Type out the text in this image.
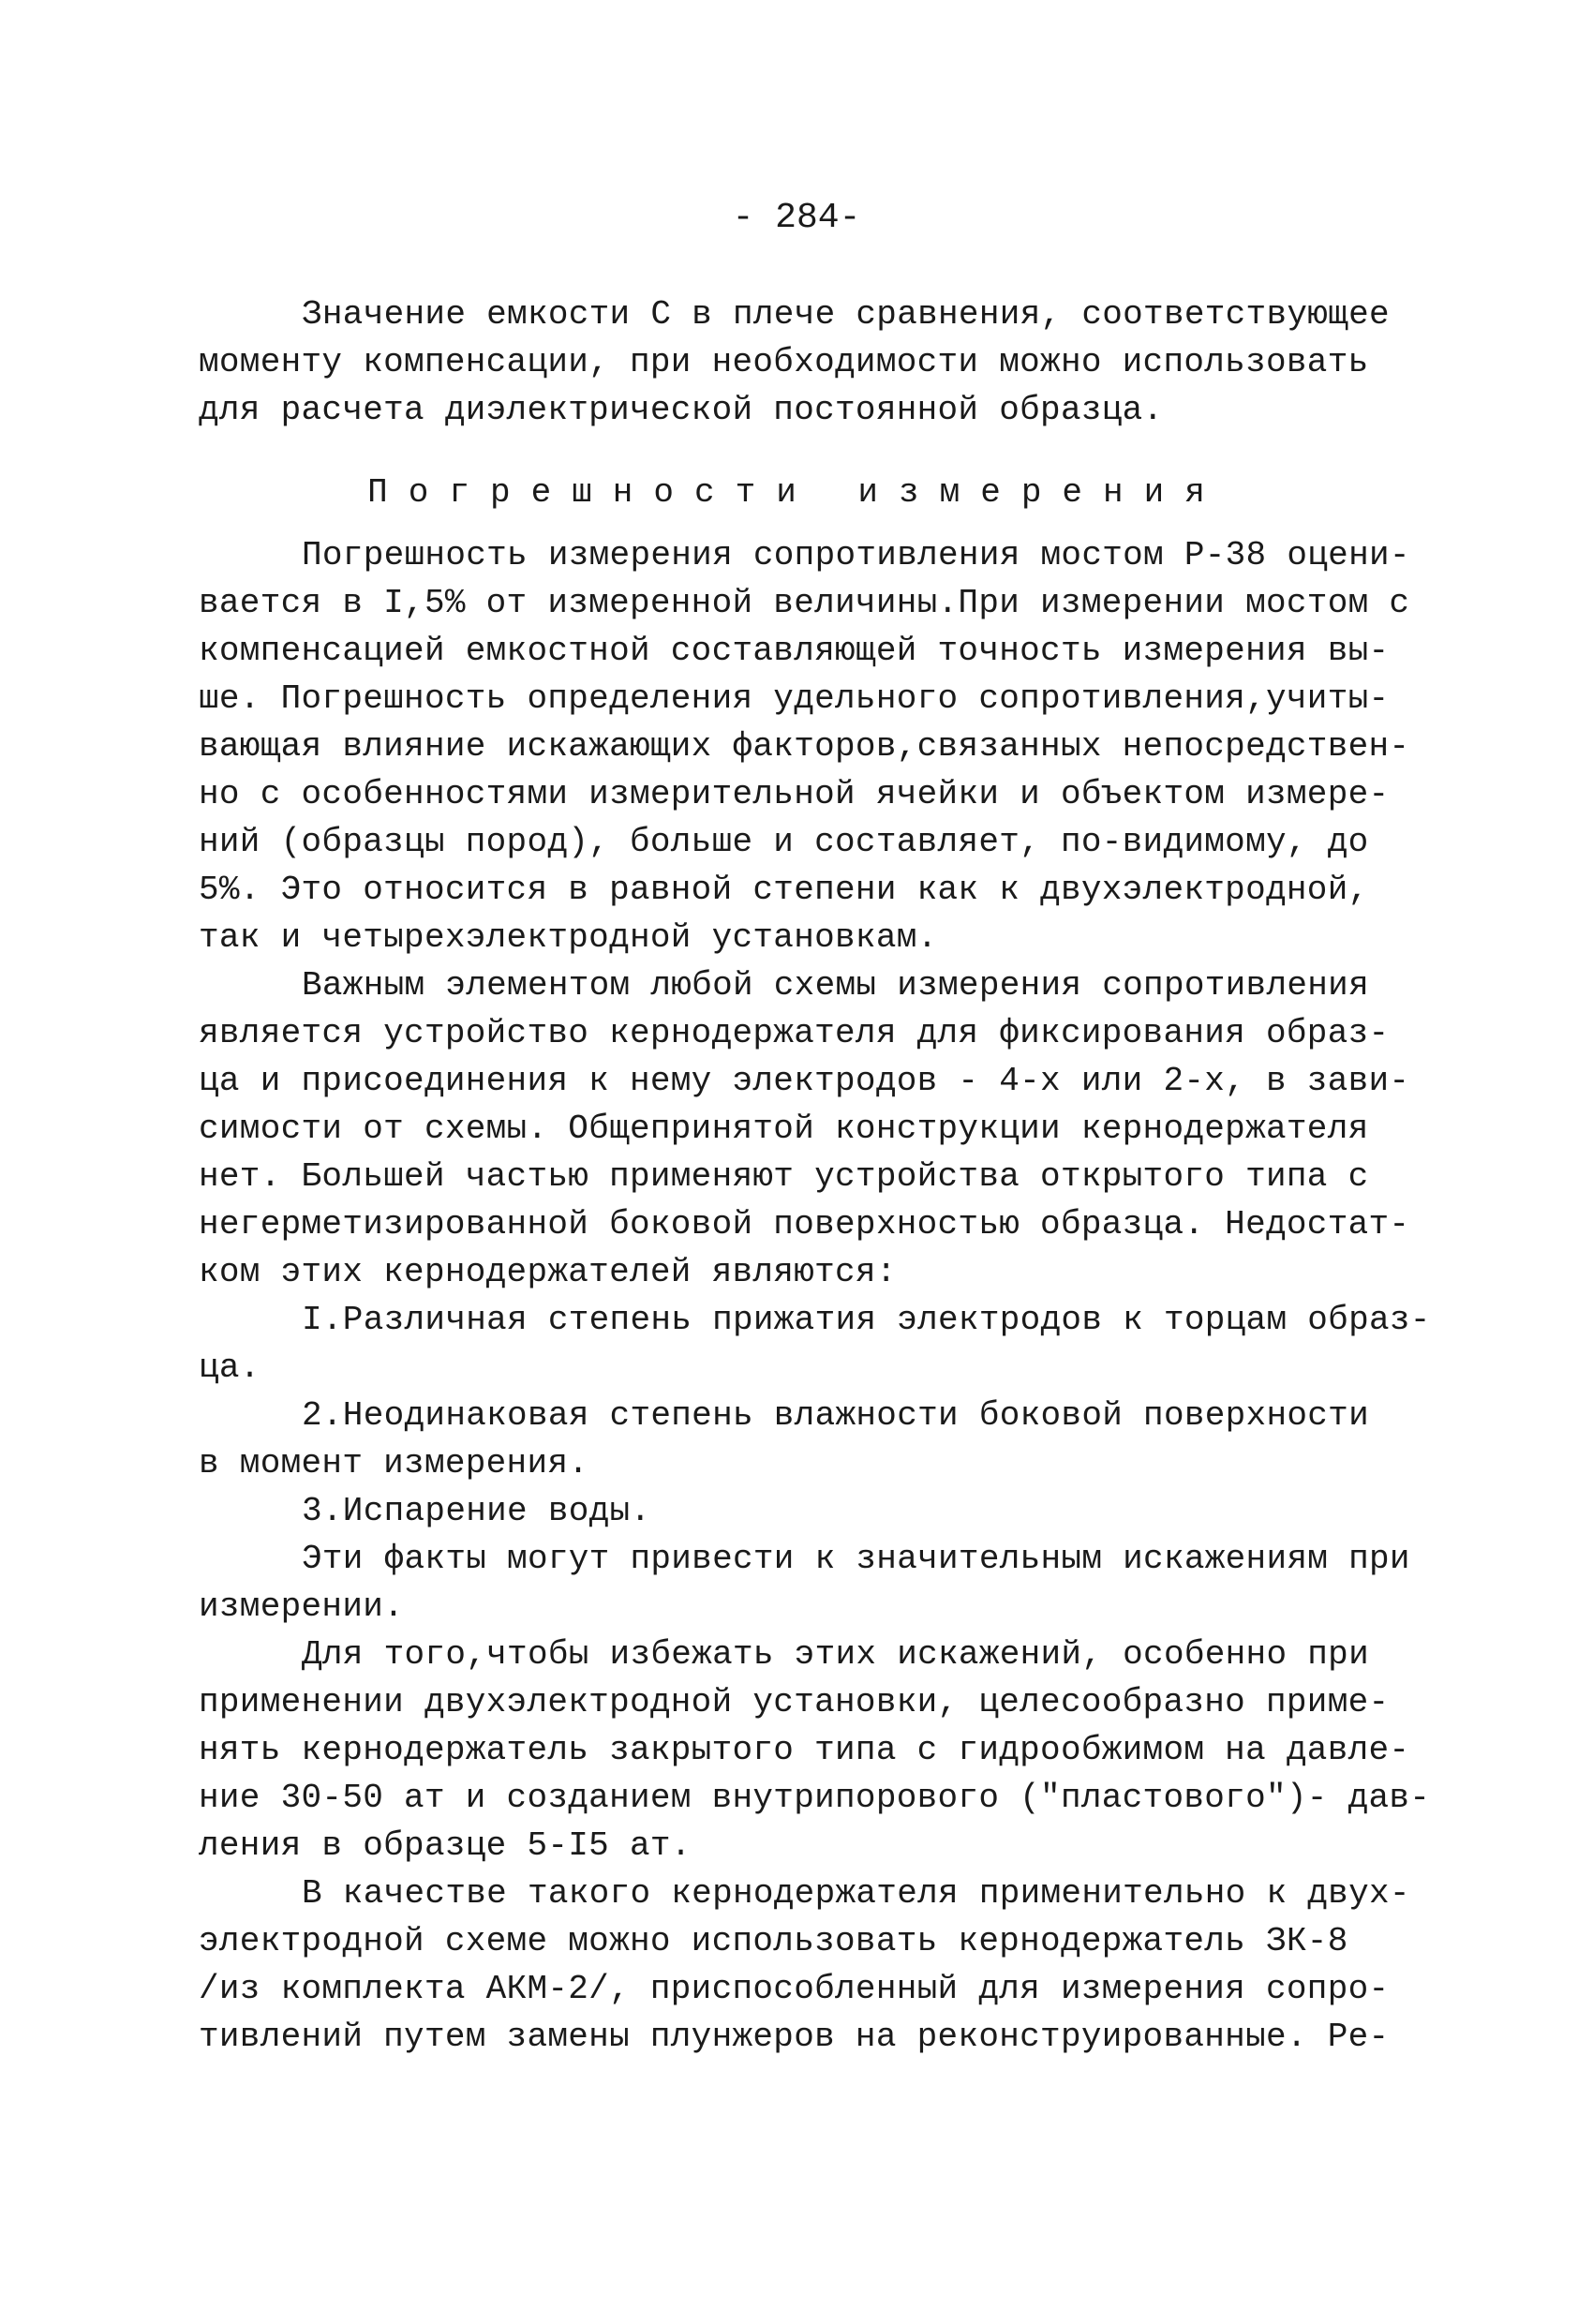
- 284-
Значение емкости С в плече сравнения, соответствующее
моменту компенсации, при необходимости можно использовать
для расчета диэлектрической постоянной образца.
Погрешности измерения
Погрешность измерения сопротивления мостом Р-38 оцени-
вается в I,5% от измеренной величины.При измерении мостом с
компенсацией емкостной составляющей точность измерения вы-
ше. Погрешность определения удельного сопротивления,учиты-
вающая влияние искажающих факторов,связанных непосредствен-
но с особенностями измерительной ячейки и объектом измере-
ний (образцы пород), больше и составляет, по-видимому, до
5%. Это относится в равной степени как к двухэлектродной,
так и четырехэлектродной установкам.
Важным элементом любой схемы измерения сопротивления
является устройство кернодержателя для фиксирования образ-
ца и присоединения к нему электродов - 4-х или 2-х, в зави-
симости от схемы. Общепринятой конструкции кернодержателя
нет. Большей частью применяют устройства открытого типа с
негерметизированной боковой поверхностью образца. Недостат-
ком этих кернодержателей являются:
I.Различная степень прижатия электродов к торцам образ-
ца.
2.Неодинаковая степень влажности боковой поверхности
в момент измерения.
3.Испарение воды.
Эти факты могут привести к значительным искажениям при
измерении.
Для того,чтобы избежать этих искажений, особенно при
применении двухэлектродной установки, целесообразно приме-
нять кернодержатель закрытого типа с гидрообжимом на давле-
ние 30-50 ат и созданием внутрипорового ("пластового")- дав-
ления в образце 5-I5 ат.
В качестве такого кернодержателя применительно к двух-
электродной схеме можно использовать кернодержатель ЗК-8
/из комплекта АКМ-2/, приспособленный для измерения сопро-
тивлений путем замены плунжеров на реконструированные. Ре-
